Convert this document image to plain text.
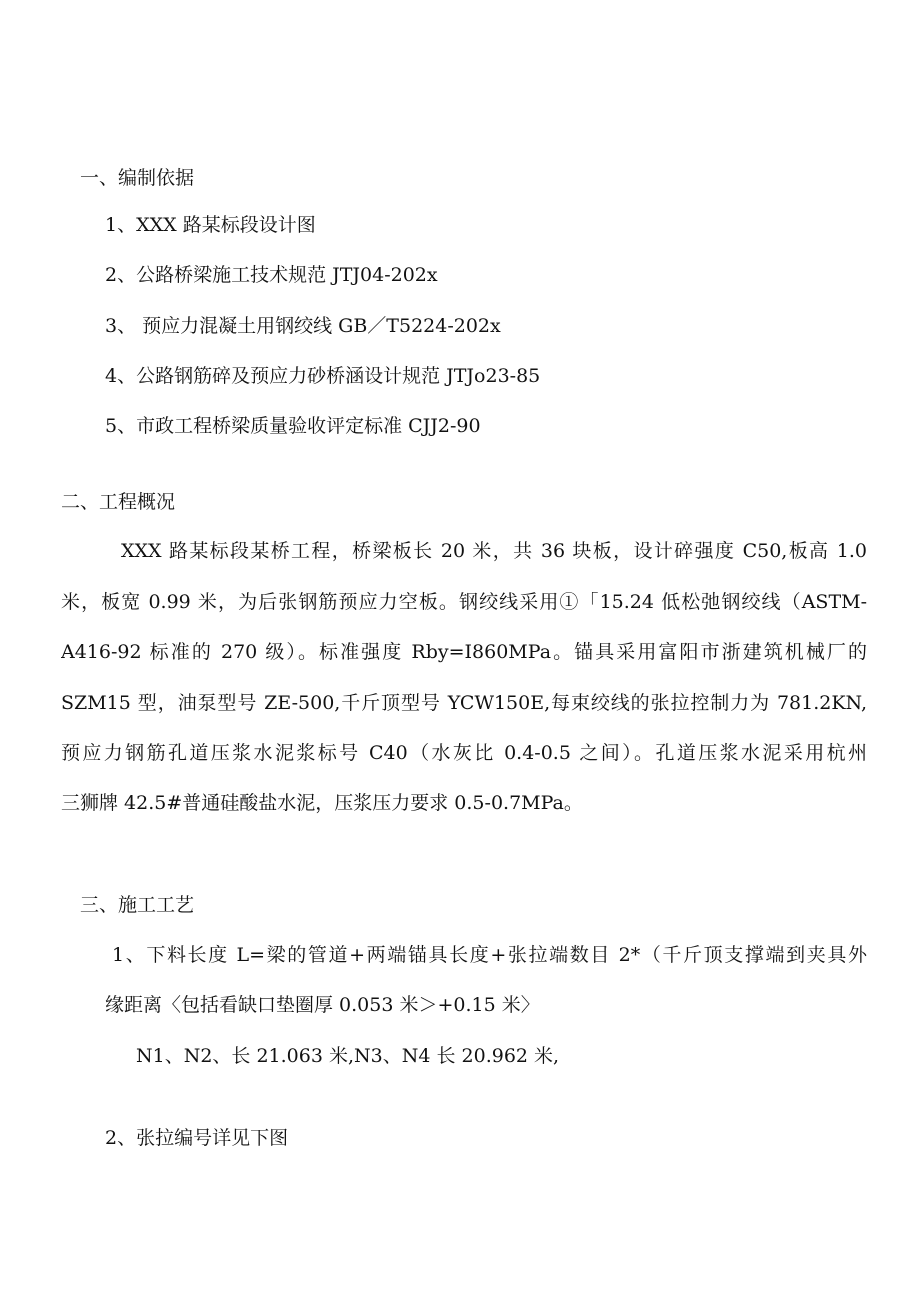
一、编制依据
1、XXX 路某标段设计图
2、公路桥梁施工技术规范 JTJ04-202x
3、 预应力混凝土用钢绞线 GB／T5224-202x
4、公路钢筋碎及预应力砂桥涵设计规范 JTJo23-85
5、市政工程桥梁质量验收评定标准 CJJ2-90
二、工程概况
XXX 路某标段某桥工程，桥梁板长 20 米，共 36 块板，设计碎强度 C50,板高 1.0
米，板宽 0.99 米，为后张钢筋预应力空板。钢绞线采用①「15.24 低松弛钢绞线（ASTM-
A416-92 标准的 270 级）。标准强度 Rby=I860MPa。锚具采用富阳市浙建筑机械厂的
SZM15 型，油泵型号 ZE-500,千斤顶型号 YCW150E,每束绞线的张拉控制力为 781.2KN,
预应力钢筋孔道压浆水泥浆标号 C40（水灰比 0.4-0.5 之间）。孔道压浆水泥采用杭州
三狮牌 42.5#普通硅酸盐水泥，压浆压力要求 0.5-0.7MPa。
三、施工工艺
1、下料长度 L=梁的管道+两端锚具长度+张拉端数目 2*（千斤顶支撑端到夹具外
缘距离〈包括看缺口垫圈厚 0.053 米＞+0.15 米〉
N1、N2、长 21.063 米,N3、N4 长 20.962 米,
2、张拉编号详见下图
